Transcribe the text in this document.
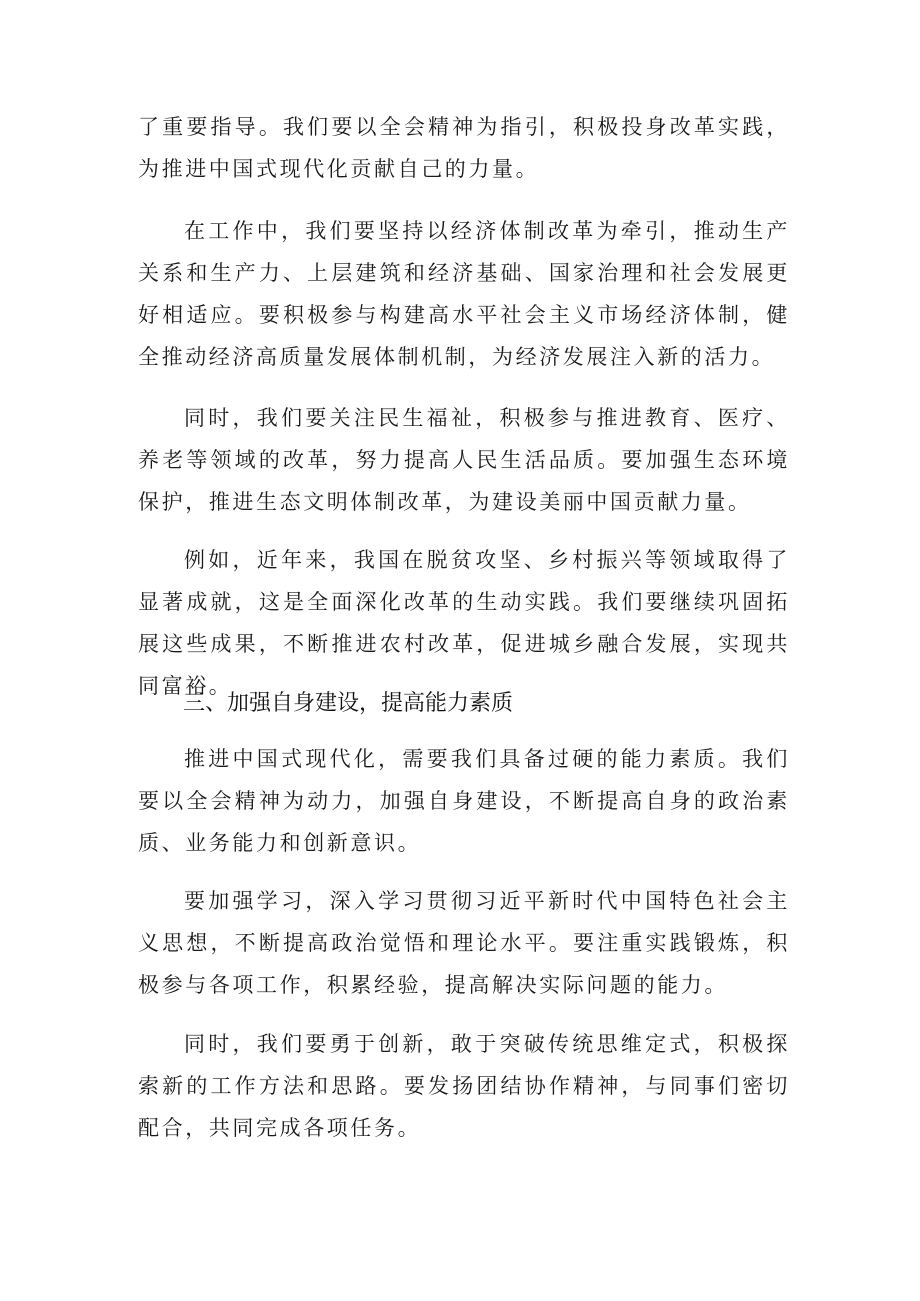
了重要指导。我们要以全会精神为指引，积极投身改革实践，为推进中国式现代化贡献自己的力量。

在工作中，我们要坚持以经济体制改革为牵引，推动生产关系和生产力、上层建筑和经济基础、国家治理和社会发展更好相适应。要积极参与构建高水平社会主义市场经济体制，健全推动经济高质量发展体制机制，为经济发展注入新的活力。

同时，我们要关注民生福祉，积极参与推进教育、医疗、养老等领域的改革，努力提高人民生活品质。要加强生态环境保护，推进生态文明体制改革，为建设美丽中国贡献力量。

例如，近年来，我国在脱贫攻坚、乡村振兴等领域取得了显著成就，这是全面深化改革的生动实践。我们要继续巩固拓展这些成果，不断推进农村改革，促进城乡融合发展，实现共同富裕。

三、加强自身建设，提高能力素质

推进中国式现代化，需要我们具备过硬的能力素质。我们要以全会精神为动力，加强自身建设，不断提高自身的政治素质、业务能力和创新意识。

要加强学习，深入学习贯彻习近平新时代中国特色社会主义思想，不断提高政治觉悟和理论水平。要注重实践锻炼，积极参与各项工作，积累经验，提高解决实际问题的能力。

同时，我们要勇于创新，敢于突破传统思维定式，积极探索新的工作方法和思路。要发扬团结协作精神，与同事们密切配合，共同完成各项任务。
